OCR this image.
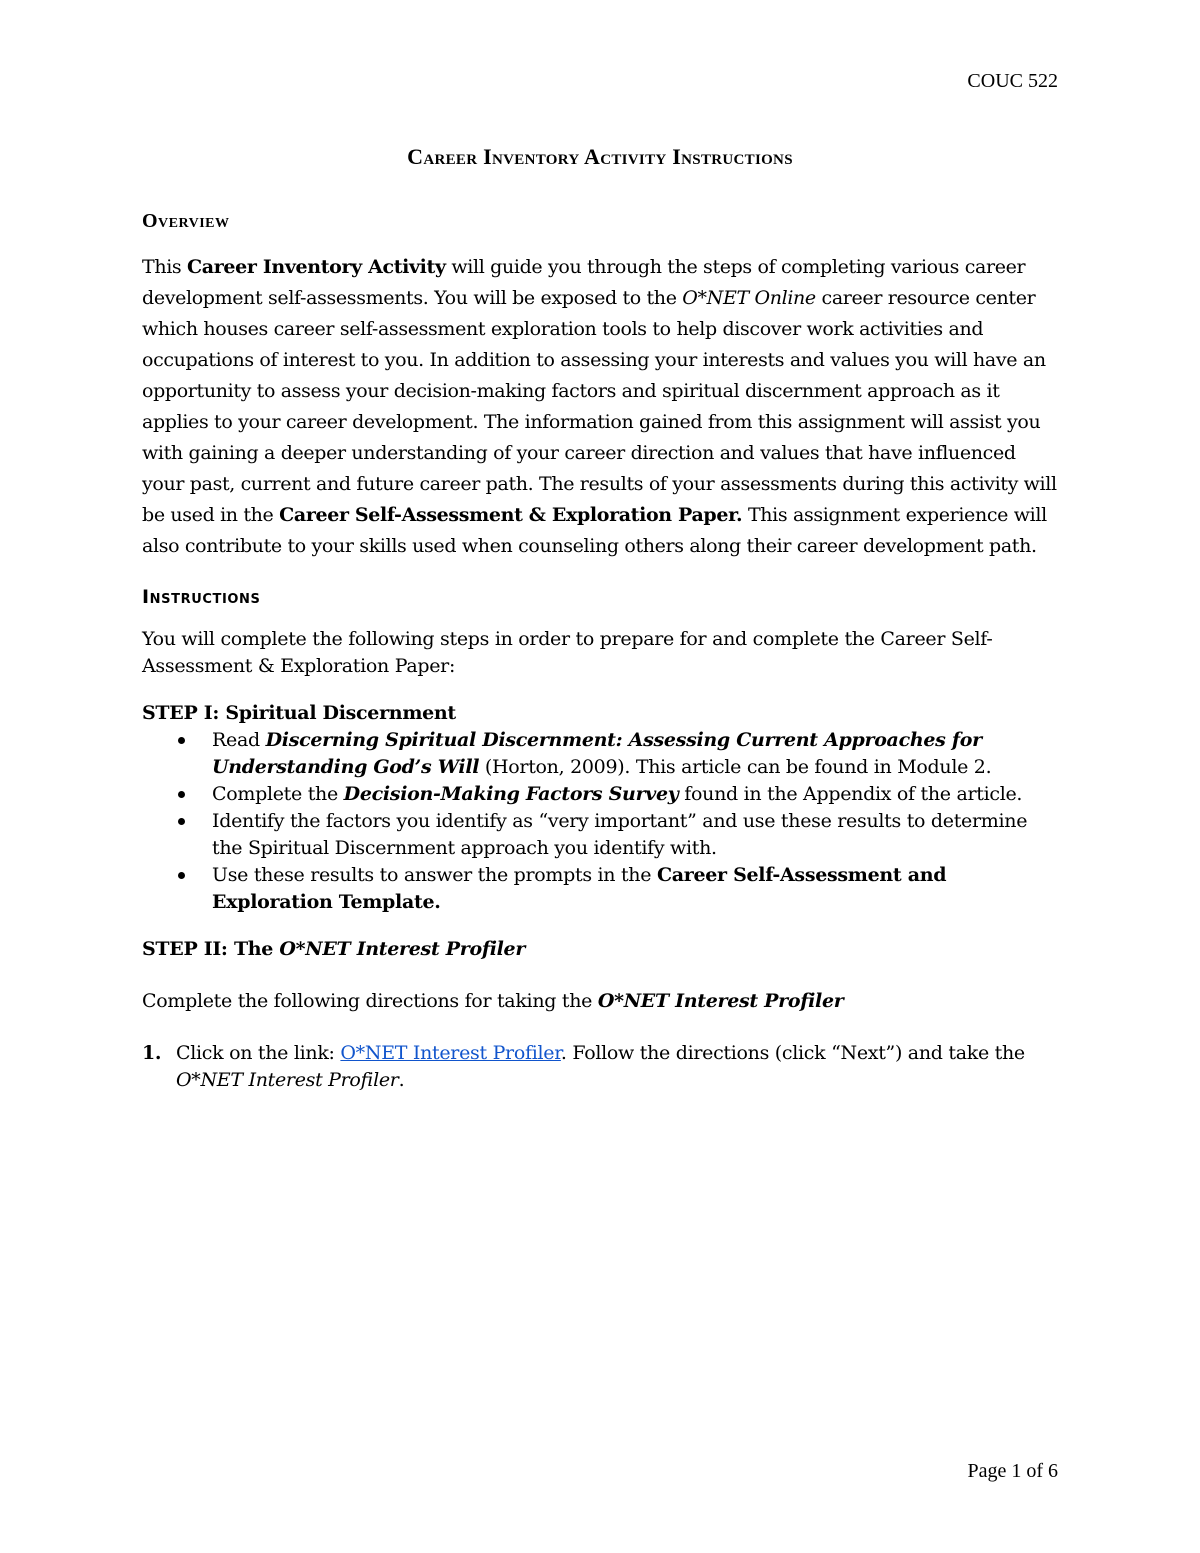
COUC 522
Career Inventory Activity Instructions
Overview

This Career Inventory Activity will guide you through the steps of completing various career development self-assessments. You will be exposed to the O*NET Online career resource center which houses career self-assessment exploration tools to help discover work activities and occupations of interest to you. In addition to assessing your interests and values you will have an opportunity to assess your decision-making factors and spiritual discernment approach as it applies to your career development. The information gained from this assignment will assist you with gaining a deeper understanding of your career direction and values that have influenced your past, current and future career path. The results of your assessments during this activity will be used in the Career Self-Assessment & Exploration Paper. This assignment experience will also contribute to your skills used when counseling others along their career development path.

Instructions

You will complete the following steps in order to prepare for and complete the Career Self-Assessment & Exploration Paper:

STEP I: Spiritual Discernment

Read Discerning Spiritual Discernment: Assessing Current Approaches for Understanding God’s Will (Horton, 2009). This article can be found in Module 2.
Complete the Decision-Making Factors Survey found in the Appendix of the article.
Identify the factors you identify as “very important” and use these results to determine the Spiritual Discernment approach you identify with.
Use these results to answer the prompts in the Career Self-Assessment and Exploration Template.

STEP II: The O*NET Interest Profiler

Complete the following directions for taking the O*NET Interest Profiler

1. Click on the link: O*NET Interest Profiler. Follow the directions (click “Next”) and take the O*NET Interest Profiler.
Page 1 of 6
